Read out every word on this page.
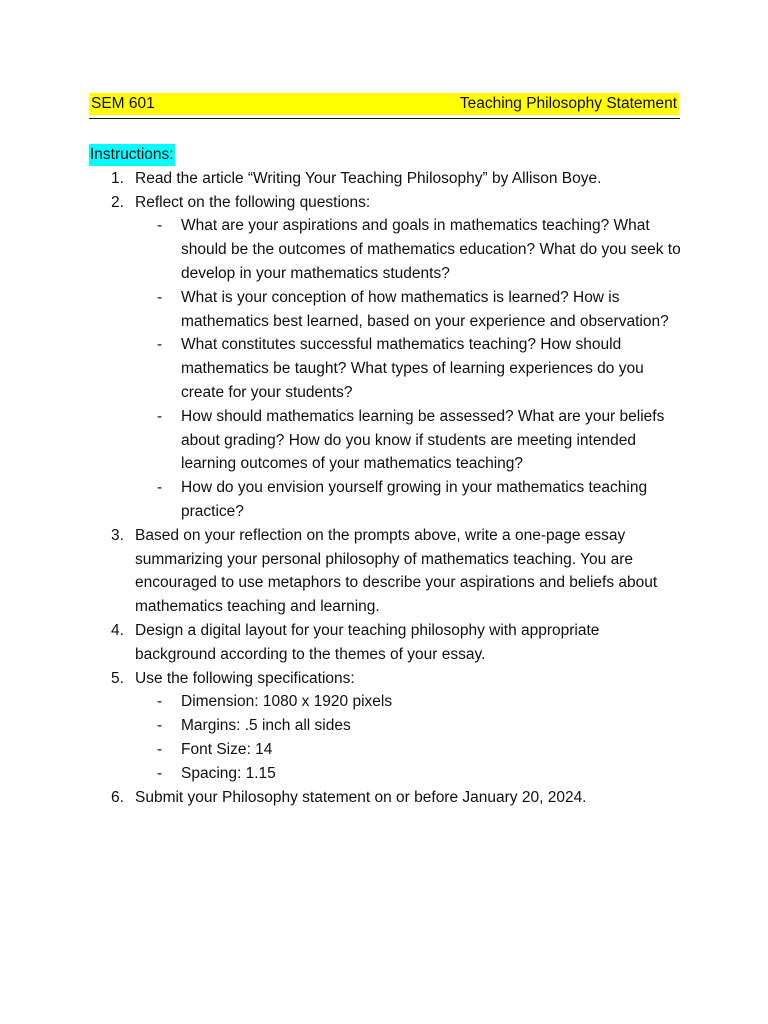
SEM 601	Teaching Philosophy Statement
Instructions:
1. Read the article “Writing Your Teaching Philosophy” by Allison Boye.
2. Reflect on the following questions:
- What are your aspirations and goals in mathematics teaching? What should be the outcomes of mathematics education? What do you seek to develop in your mathematics students?
- What is your conception of how mathematics is learned? How is mathematics best learned, based on your experience and observation?
- What constitutes successful mathematics teaching? How should mathematics be taught? What types of learning experiences do you create for your students?
- How should mathematics learning be assessed? What are your beliefs about grading? How do you know if students are meeting intended learning outcomes of your mathematics teaching?
- How do you envision yourself growing in your mathematics teaching practice?
3. Based on your reflection on the prompts above, write a one-page essay summarizing your personal philosophy of mathematics teaching. You are encouraged to use metaphors to describe your aspirations and beliefs about mathematics teaching and learning.
4. Design a digital layout for your teaching philosophy with appropriate background according to the themes of your essay.
5. Use the following specifications:
- Dimension: 1080 x 1920 pixels
- Margins: .5 inch all sides
- Font Size: 14
- Spacing: 1.15
6. Submit your Philosophy statement on or before January 20, 2024.
